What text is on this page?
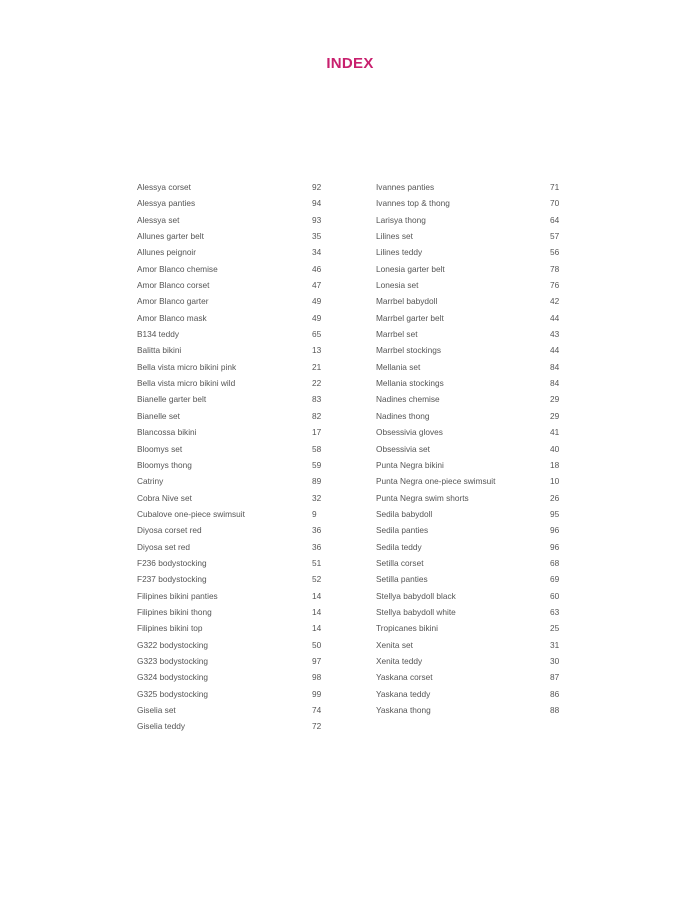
INDEX
Alessya corset	92
Alessya panties	94
Alessya set	93
Allunes garter belt	35
Allunes peignoir	34
Amor Blanco chemise	46
Amor Blanco corset	47
Amor Blanco garter	49
Amor Blanco mask	49
B134 teddy	65
Balitta bikini	13
Bella vista micro bikini pink	21
Bella vista micro bikini wild	22
Bianelle garter belt	83
Bianelle set	82
Blancossa bikini	17
Bloomys set	58
Bloomys thong	59
Catriny	89
Cobra Nive set	32
Cubalove one-piece swimsuit	9
Diyosa corset red	36
Diyosa set red	36
F236 bodystocking	51
F237 bodystocking	52
Filipines bikini panties	14
Filipines bikini thong	14
Filipines bikini top	14
G322 bodystocking	50
G323 bodystocking	97
G324 bodystocking	98
G325 bodystocking	99
Giselia set	74
Giselia teddy	72
Ivannes panties	71
Ivannes top & thong	70
Larisya thong	64
Lilines set	57
Lilines teddy	56
Lonesia garter belt	78
Lonesia set	76
Marrbel babydoll	42
Marrbel garter belt	44
Marrbel set	43
Marrbel stockings	44
Mellania set	84
Mellania stockings	84
Nadines chemise	29
Nadines thong	29
Obsessivia gloves	41
Obsessivia set	40
Punta Negra bikini	18
Punta Negra one-piece swimsuit	10
Punta Negra swim shorts	26
Sedila babydoll	95
Sedila panties	96
Sedila teddy	96
Setilla corset	68
Setilla panties	69
Stellya babydoll black	60
Stellya babydoll white	63
Tropicanes bikini	25
Xenita set	31
Xenita teddy	30
Yaskana corset	87
Yaskana teddy	86
Yaskana thong	88
